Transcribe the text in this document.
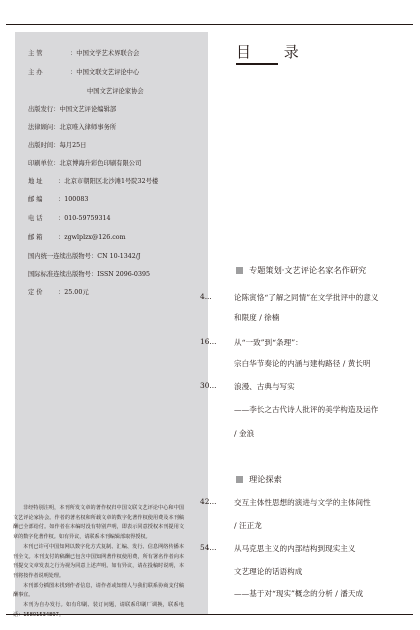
主 管	：中国文学艺术界联合会
主 办	：中国文联文艺评论中心
中国文艺评论家协会
出版发行：中国文艺评论编辑部
法律顾问：北京唯入律师事务所
出版时间：每月25日
印刷单位：北京博海升彩色印刷有限公司
地 址 ：北京市朝阳区北沙滩1号院32号楼
邮 编 ：100083
电 话 ：010-59759314
邮 箱 ：zgwlplzx@126.com
国内统一连续出版物号：CN 10-1342/J
国际标准连续出版物号：ISSN 2096-0395
定 价 ：25.00元

非经特别注明，本刊所发文章的著作权归中国文联文艺评论中心和中国文艺评论家协会。作者的著名权和所载文章的数字化著作权使用费及本刊稿酬已全部给付。如作者在本编时没有特别声明，即表示同意授权本刊提用文章的数字化著作权。如有异议，请联系本刊编辑部取得授权。

本刊已许可中国知网以数字化方式复制、汇编、发行、信息网络传播本刊全文。本刊支付的稿酬已包含中国知网著作权使用费，所有署名作者向本刊提交文章发表之行为视为同意上述声明。如有异议，请在投稿时说明，本刊将按作者说明处理。

本刊部分插图未找到作者信息，请作者或知情人与我们联系协商支付稿酬事宜。

本刊为自办发行。如有印刷、装订问题，请联系印刷厂调换，联系电话：15801534897。

目 录
专题策划·文艺评论名家名作研究
4...	论陈寅恪“了解之同情”在文学批评中的意义
和限度 / 徐楠
16...	从“一致”到“条理”：
宗白华节奏论的内涵与建构路径 / 黄长明
30...	浪漫、古典与写实
——李长之古代诗人批评的美学构造及运作
/ 金浪
理论探索
42...	交互主体性思想的演进与文学的主体间性
/ 汪正龙
54...	从马克思主义的内部结构到现实主义
文艺理论的话语构成
——基于对“现实”概念的分析 / 潘天成
